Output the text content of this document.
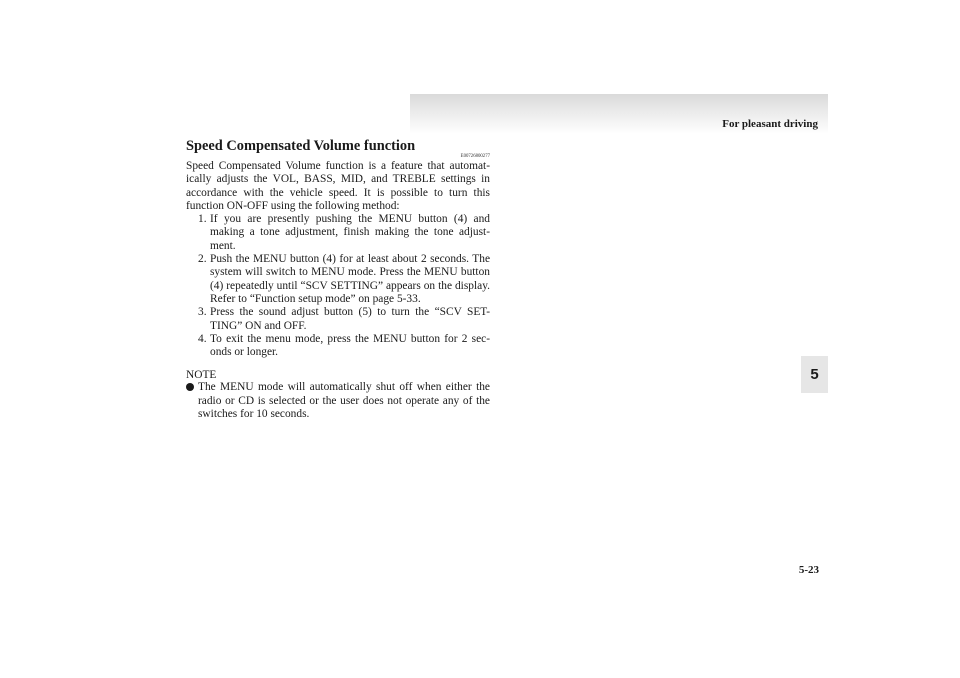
For pleasant driving
5
Speed Compensated Volume function
E00726800277

Speed Compensated Volume function is a feature that automat-ically adjusts the VOL, BASS, MID, and TREBLE settings in accordance with the vehicle speed. It is possible to turn this function ON-OFF using the following method:

1. If you are presently pushing the MENU button (4) and making a tone adjustment, finish making the tone adjust-ment.
2. Push the MENU button (4) for at least about 2 seconds. The system will switch to MENU mode. Press the MENU button (4) repeatedly until “SCV SETTING” appears on the display. Refer to “Function setup mode” on page 5-33.
3. Press the sound adjust button (5) to turn the “SCV SET-TING” ON and OFF.
4. To exit the menu mode, press the MENU button for 2 sec-onds or longer.
NOTE
The MENU mode will automatically shut off when either the radio or CD is selected or the user does not operate any of the switches for 10 seconds.
5-23
